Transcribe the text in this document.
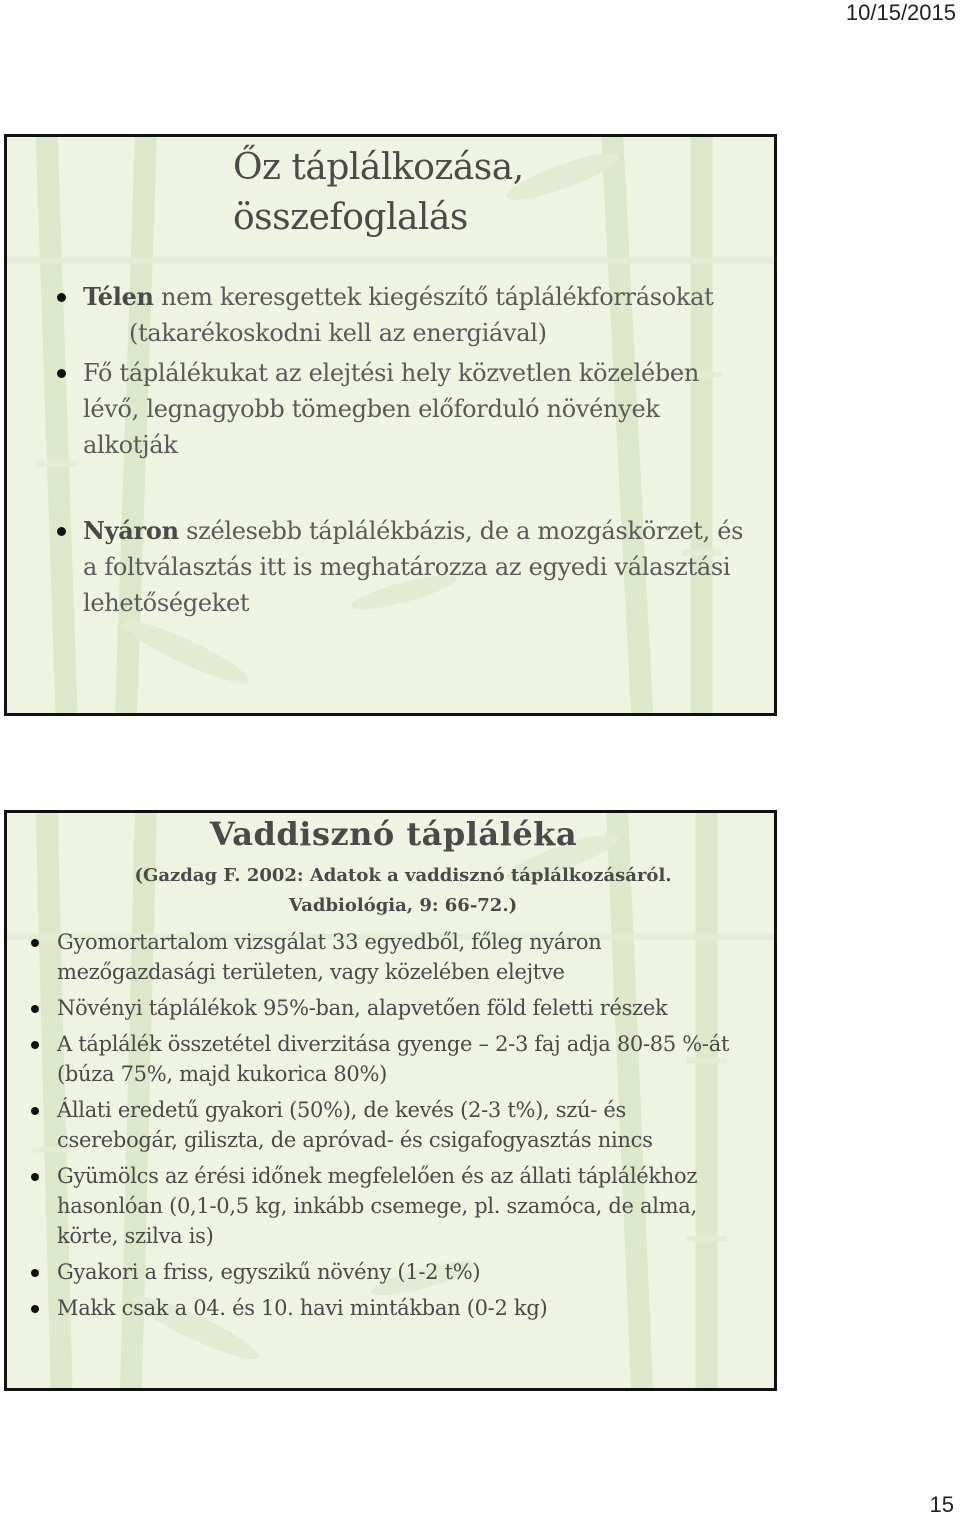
10/15/2015
Őz táplálkozása,
összefoglalás
Télen nem keresgettek kiegészítő táplálékforrásokat
(takarékoskodni kell az energiával)
Fő táplálékukat az elejtési hely közvetlen közelében lévő, legnagyobb tömegben előforduló növények alkotják
Nyáron szélesebb táplálékbázis, de a mozgáskörzet, és a foltválasztás itt is meghatározza az egyedi választási lehetőségeket
Vaddisznó tápláléka
(Gazdag F. 2002: Adatok a vaddisznó táplálkozásáról. Vadbiológia, 9: 66-72.)
Gyomortartalom vizsgálat 33 egyedből, főleg nyáron mezőgazdasági területen, vagy közelében elejtve
Növényi táplálékok 95%-ban, alapvetően föld feletti részek
A táplálék összetétel diverzitása gyenge – 2-3 faj adja 80-85 %-át (búza 75%, majd kukorica 80%)
Állati eredetű gyakori (50%), de kevés (2-3 t%), szú- és cserebogár, giliszta, de apróvad- és csigafogyasztás nincs
Gyümölcs az érési időnek megfelelően és az állati táplálékhoz hasonlóan (0,1-0,5 kg, inkább csemege, pl. szamóca, de alma, körte, szilva is)
Gyakori a friss, egyszikű növény (1-2 t%)
Makk csak a 04. és 10. havi mintákban (0-2 kg)
15
